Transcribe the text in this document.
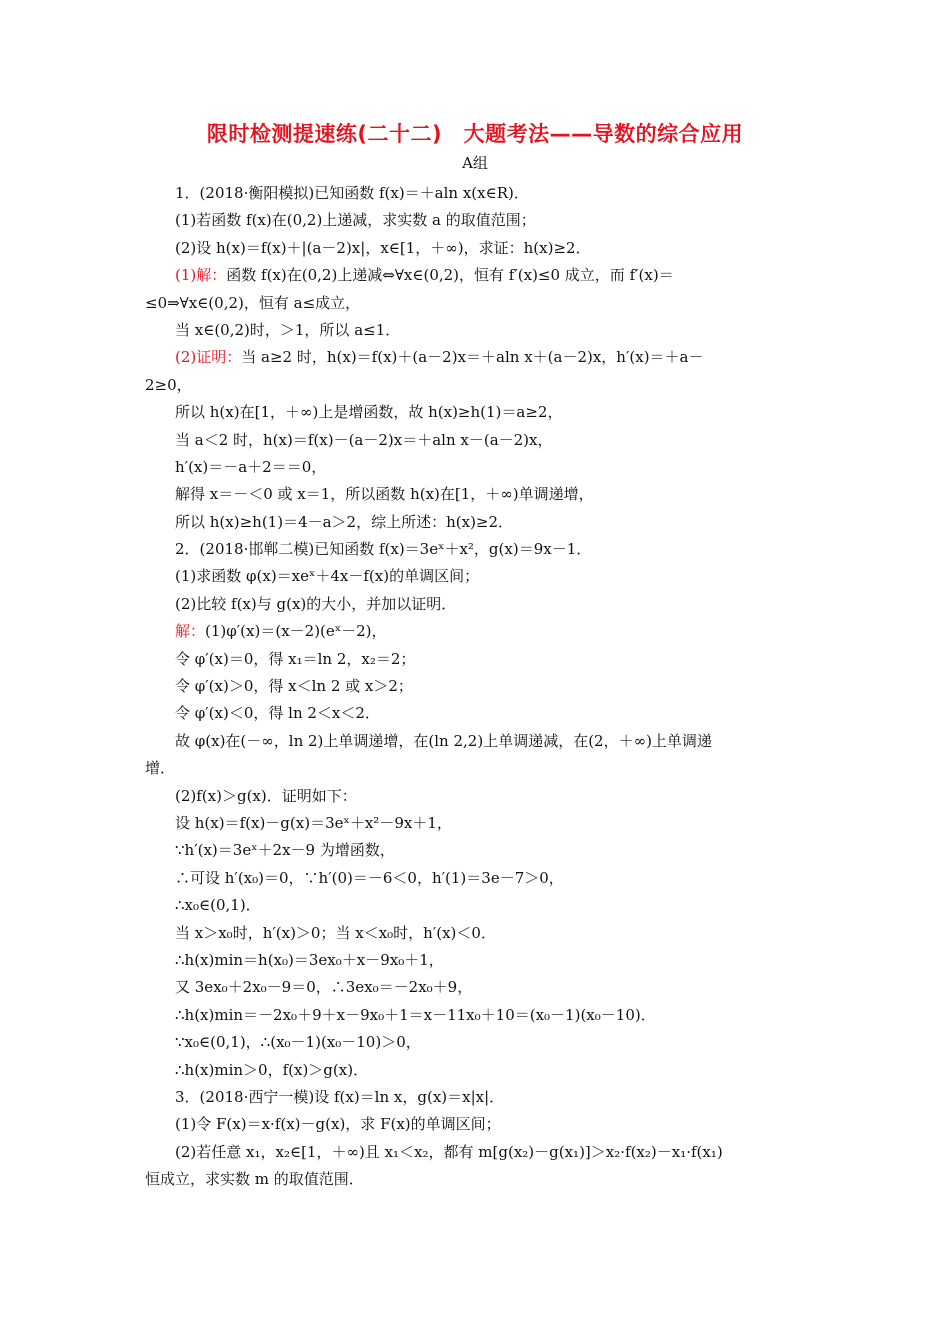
限时检测提速练(二十二)　大题考法——导数的综合应用
A组
1．(2018·衡阳模拟)已知函数 f(x)＝＋aln x(x∈R)．
(1)若函数 f(x)在(0,2)上递减，求实数 a 的取值范围；
(2)设 h(x)＝f(x)＋|(a－2)x|，x∈[1，＋∞)，求证：h(x)≥2．
(1)解：函数 f(x)在(0,2)上递减⇔∀x∈(0,2)，恒有 f′(x)≤0 成立，而 f′(x)＝
≤0⇒∀x∈(0,2)，恒有 a≤成立，
当 x∈(0,2)时，＞1，所以 a≤1．
(2)证明：当 a≥2 时，h(x)＝f(x)＋(a－2)x＝＋aln x＋(a－2)x，h′(x)＝＋a－
2≥0，
所以 h(x)在[1，＋∞)上是增函数，故 h(x)≥h(1)＝a≥2，
当 a＜2 时，h(x)＝f(x)－(a－2)x＝＋aln x－(a－2)x，
h′(x)＝－a＋2＝＝0，
解得 x＝－＜0 或 x＝1，所以函数 h(x)在[1，＋∞)单调递增，
所以 h(x)≥h(1)＝4－a＞2，综上所述：h(x)≥2．
2．(2018·邯郸二模)已知函数 f(x)＝3eˣ＋x²，g(x)＝9x－1．
(1)求函数 φ(x)＝xeˣ＋4x－f(x)的单调区间；
(2)比较 f(x)与 g(x)的大小，并加以证明．
解：(1)φ′(x)＝(x－2)(eˣ－2)，
令 φ′(x)＝0，得 x₁＝ln 2，x₂＝2；
令 φ′(x)＞0，得 x＜ln 2 或 x＞2；
令 φ′(x)＜0，得 ln 2＜x＜2．
故 φ(x)在(－∞，ln 2)上单调递增，在(ln 2,2)上单调递减，在(2，＋∞)上单调递
增．
(2)f(x)＞g(x)．证明如下：
设 h(x)＝f(x)－g(x)＝3eˣ＋x²－9x＋1，
∵h′(x)＝3eˣ＋2x－9 为增函数，
∴可设 h′(x₀)＝0，∵h′(0)＝－6＜0，h′(1)＝3e－7＞0，
∴x₀∈(0,1)．
当 x＞x₀时，h′(x)＞0；当 x＜x₀时，h′(x)＜0．
∴h(x)min＝h(x₀)＝3ex₀＋x－9x₀＋1，
又 3ex₀＋2x₀－9＝0，∴3ex₀＝－2x₀＋9，
∴h(x)min＝－2x₀＋9＋x－9x₀＋1＝x－11x₀＋10＝(x₀－1)(x₀－10)．
∵x₀∈(0,1)，∴(x₀－1)(x₀－10)＞0，
∴h(x)min＞0，f(x)＞g(x)．
3．(2018·西宁一模)设 f(x)＝ln x，g(x)＝x|x|．
(1)令 F(x)＝x·f(x)－g(x)，求 F(x)的单调区间；
(2)若任意 x₁，x₂∈[1，＋∞)且 x₁＜x₂，都有 m[g(x₂)－g(x₁)]＞x₂·f(x₂)－x₁·f(x₁)
恒成立，求实数 m 的取值范围．
